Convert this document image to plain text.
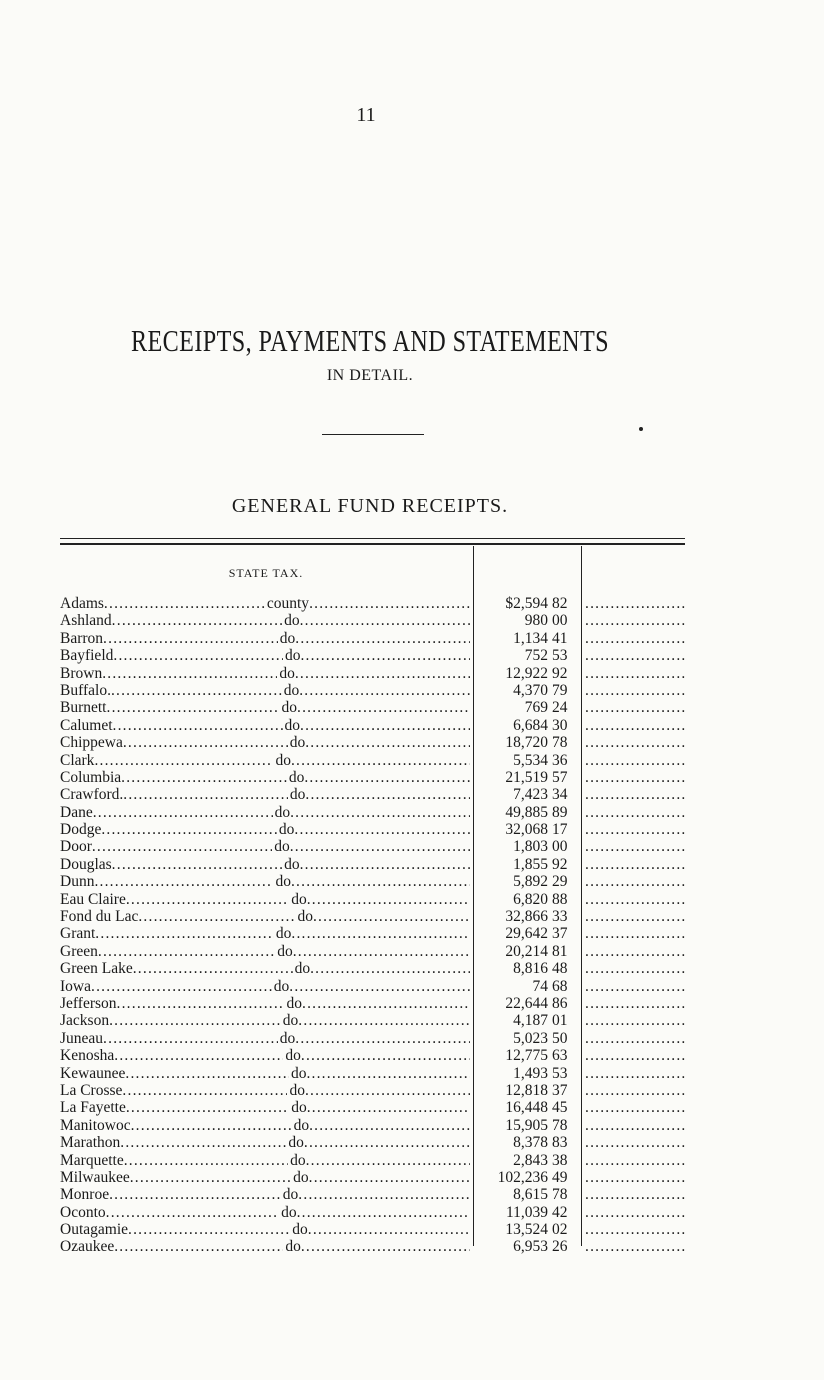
11
RECEIPTS, PAYMENTS AND STATEMENTS
IN DETAIL.
GENERAL FUND RECEIPTS.
STATE TAX.
Adams .....	county .....	$2,594 82
.....
Ashland .....	do .....	980 00
.....
Barron .....	do .....	1,134 41
.....
Bayfield .....	do .....	752 53
.....
Brown .....	do .....	12,922 92
.....
Buffalo. .....	do .....	4,370 79
.....
Burnett .....	do .....	769 24
.....
Calumet .....	do .....	6,684 30
.....
Chippewa .....	do .....	18,720 78
.....
Clark .....	do .....	5,534 36
.....
Columbia .....	do .....	21,519 57
.....
Crawford. .....	do .....	7,423 34
.....
Dane .....	do .....	49,885 89
.....
Dodge .....	do .....	32,068 17
.....
Door .....	do .....	1,803 00
.....
Douglas .....	do .....	1,855 92
.....
Dunn .....	do .....	5,892 29
.....
Eau Claire .....	do .....	6,820 88
.....
Fond du Lac .....	do .....	32,866 33
.....
Grant .....	do .....	29,642 37
.....
Green .....	do .....	20,214 81
.....
Green Lake .....	do .....	8,816 48
.....
Iowa .....	do .....	74 68
.....
Jefferson .....	do .....	22,644 86
.....
Jackson .....	do .....	4,187 01
.....
Juneau .....	do .....	5,023 50
.....
Kenosha .....	do .....	12,775 63
.....
Kewaunee .....	do .....	1,493 53
.....
La Crosse .....	do .....	12,818 37
.....
La Fayette .....	do .....	16,448 45
.....
Manitowoc .....	do .....	15,905 78
.....
Marathon .....	do .....	8,378 83
.....
Marquette .....	do .....	2,843 38
.....
Milwaukee .....	do .....	102,236 49
.....
Monroe .....	do .....	8,615 78
.....
Oconto .....	do .....	11,039 42
.....
Outagamie .....	do .....	13,524 02
.....
Ozaukee .....	do .....	6,953 26
.....
